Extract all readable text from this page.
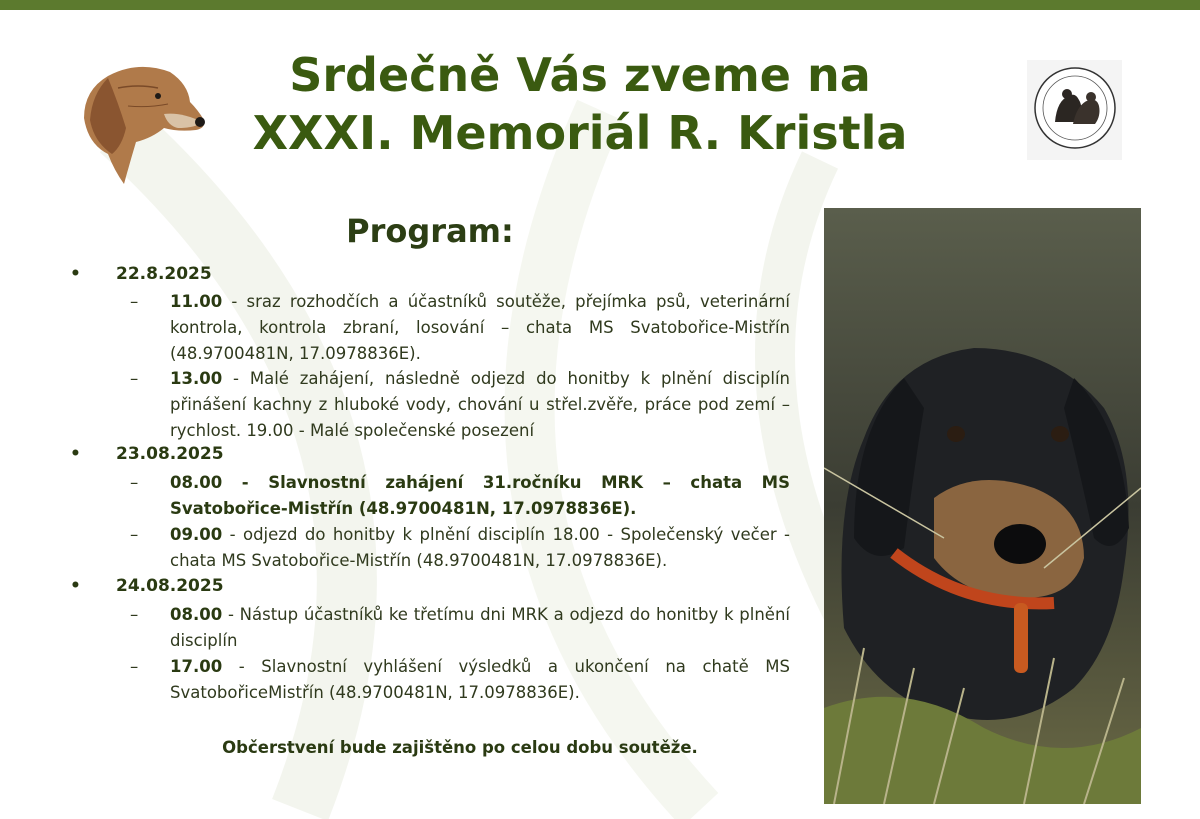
Srdečně Vás zveme na
XXXI. Memoriál R. Kristla
Program:
• 22.8.2025
– 11.00 - sraz rozhodčích a účastníků soutěže, přejímka psů, veterinární kontrola, kontrola zbraní, losování – chata MS Svatobořice-Mistřín (48.9700481N, 17.0978836E).
– 13.00 - Malé zahájení, následně odjezd do honitby k plnění disciplín přinášení kachny z hluboké vody, chování u střel.zvěře, práce pod zemí – rychlost. 19.00 - Malé společenské posezení
• 23.08.2025
– 08.00 - Slavnostní zahájení 31.ročníku MRK – chata MS Svatobořice-Mistřín (48.9700481N, 17.0978836E).
– 09.00 - odjezd do honitby k plnění disciplín 18.00 - Společenský večer - chata MS Svatobořice-Mistřín (48.9700481N, 17.0978836E).
• 24.08.2025
– 08.00 - Nástup účastníků ke třetímu dni MRK a odjezd do honitby k plnění disciplín
– 17.00 - Slavnostní vyhlášení výsledků a ukončení na chatě MS SvatobořiceMistřín (48.9700481N, 17.0978836E).
Občerstvení bude zajištěno po celou dobu soutěže.
